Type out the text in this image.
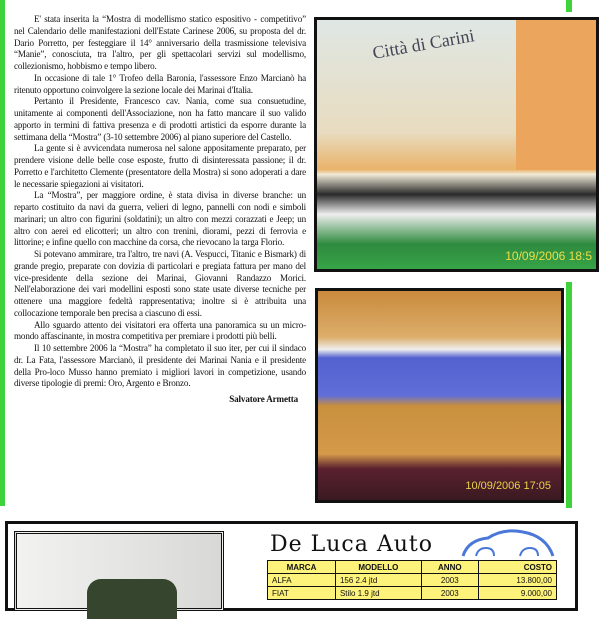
E' stata inserita la “Mostra di modellismo statico espositivo - competitivo” nel Calendario delle manifestazioni dell'Estate Carinese 2006, su proposta del dr. Dario Porretto, per festeggiare il 14° anniversario della trasmissione televisiva “Manie”, conosciuta, tra l'altro, per gli spettacolari servizi sul modellismo, collezionismo, hobbismo e tempo libero.

In occasione di tale 1° Trofeo della Baronia, l'assessore Enzo Marcianò ha ritenuto opportuno coinvolgere la sezione locale dei Marinai d'Italia.

Pertanto il Presidente, Francesco cav. Nania, come sua consuetudine, unitamente ai componenti dell'Associazione, non ha fatto mancare il suo valido apporto in termini di fattiva presenza e di prodotti artistici da esporre durante la settimana della “Mostra” (3-10 settembre 2006) al piano superiore del Castello.

La gente si è avvicendata numerosa nel salone appositamente preparato, per prendere visione delle belle cose esposte, frutto di disinteressata passione; il dr. Porretto e l'architetto Clemente (presentatore della Mostra) si sono adoperati a dare le necessarie spiegazioni ai visitatori.

La “Mostra”, per maggiore ordine, è stata divisa in diverse branche: un reparto costituito da navi da guerra, velieri di legno, pannelli con nodi e simboli marinari; un altro con figurini (soldatini); un altro con mezzi corazzati e Jeep; un altro con aerei ed elicotteri; un altro con trenini, diorami, pezzi di ferrovia e littorine; e infine quello con macchine da corsa, che rievocano la targa Florio.

Si potevano ammirare, tra l'altro, tre navi (A. Vespucci, Titanic e Bismark) di grande pregio, preparate con dovizia di particolari e pregiata fattura per mano del vice-presidente della sezione dei Marinai, Giovanni Randazzo Morici. Nell'elaborazione dei vari modellini esposti sono state usate diverse tecniche per ottenere una maggiore fedeltà rappresentativa; inoltre si è attribuita una collocazione temporale ben precisa a ciascuno di essi.

Allo sguardo attento dei visitatori era offerta una panoramica su un micro-mondo affascinante, in mostra competitiva per premiare i prodotti più belli.

Il 10 settembre 2006 la “Mostra” ha completato il suo iter, per cui il sindaco dr. La Fata, l'assessore Marcianò, il presidente dei Marinai Nania e il presidente della Pro-loco Musso hanno premiato i migliori lavori in competizione, usando diverse tipologie di premi: Oro, Argento e Bronzo.

Salvatore Armetta
Città di Carini
10/09/2006 18:5
10/09/2006 17:05
De Luca Auto
MARCA	MODELLO	ANNO	COSTO
ALFA	156 2.4 jtd	2003	13.800,00
FIAT	Stilo 1.9 jtd	2003	9.000,00
